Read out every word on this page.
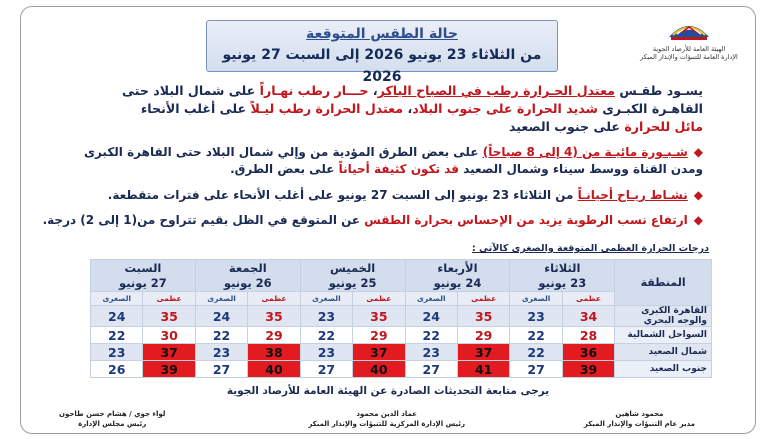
الهيئة العامة للأرصاد الجوية
الإدارة العامة للتنبؤات والإنذار المبكر
حالة الطقس المتوقعة
من الثلاثاء 23 يونيو 2026 إلى السبت 27 يونيو 2026
يسـود طقـس معتدل الحـرارة رطب في الصباح الباكر، حـــار رطب نهـاراً على شمال البلاد حتى
القاهـرة الكبـرى شديد الحرارة على جنوب البلاد، معتدل الحرارة رطب ليـلاً على أغلب الأنحاء
مائل للحرارة على جنوب الصعيد
◆شـبـورة مائيـة من (4 إلى 8 صباحاً) على بعض الطرق المؤدية من وإلي شمال البلاد حتى القاهرة الكبرى
ومدن القناة ووسط سيناء وشمال الصعيد قد تكون كثيفة أحياناً على بعض الطرق.
◆نشـاط ريـاح أحيانـاً من الثلاثاء 23 يونيو إلى السبت 27 يونيو على أغلب الأنحاء على فترات متقطعة.
◆ارتفاع نسب الرطوبة يزيد من الإحساس بحرارة الطقس عن المتوقع في الظل بقيم تتراوح من(1 إلى 2) درجة.
درجات الحرارة العظمى المتوقعة والصغرى كالآتي :
المنطقة	الثلاثاء
23 يونيو		الأربعاء
24 يونيو		الخميس
25 يونيو		الجمعة
26 يونيو		السبت
27 يونيو	
	عظمى	الصغرى	عظمى	الصغرى	عظمى	الصغرى	عظمى	الصغرى	عظمى	الصغرى
القاهرة الكبرى والوجه البحري	34	23	35	24	35	23	35	24	35	24
السواحل الشمالية	28	22	29	22	29	22	29	22	30	22
شمال الصعيد	36	22	37	23	37	23	38	23	37	23
جنوب الصعيد	39	27	41	27	40	27	40	27	39	26
يرجى متابعة التحديثات الصادرة عن الهيئة العامة للأرصاد الجوية
محمود شاهين
مدير عام التنبؤات والإنذار المبكر
عماد الدين محمود
رئيس الإدارة المركزية للتنبؤات والإنذار المبكر
لواء جوي / هشام حسن طاحون
رئيس مجلس الإدارة
